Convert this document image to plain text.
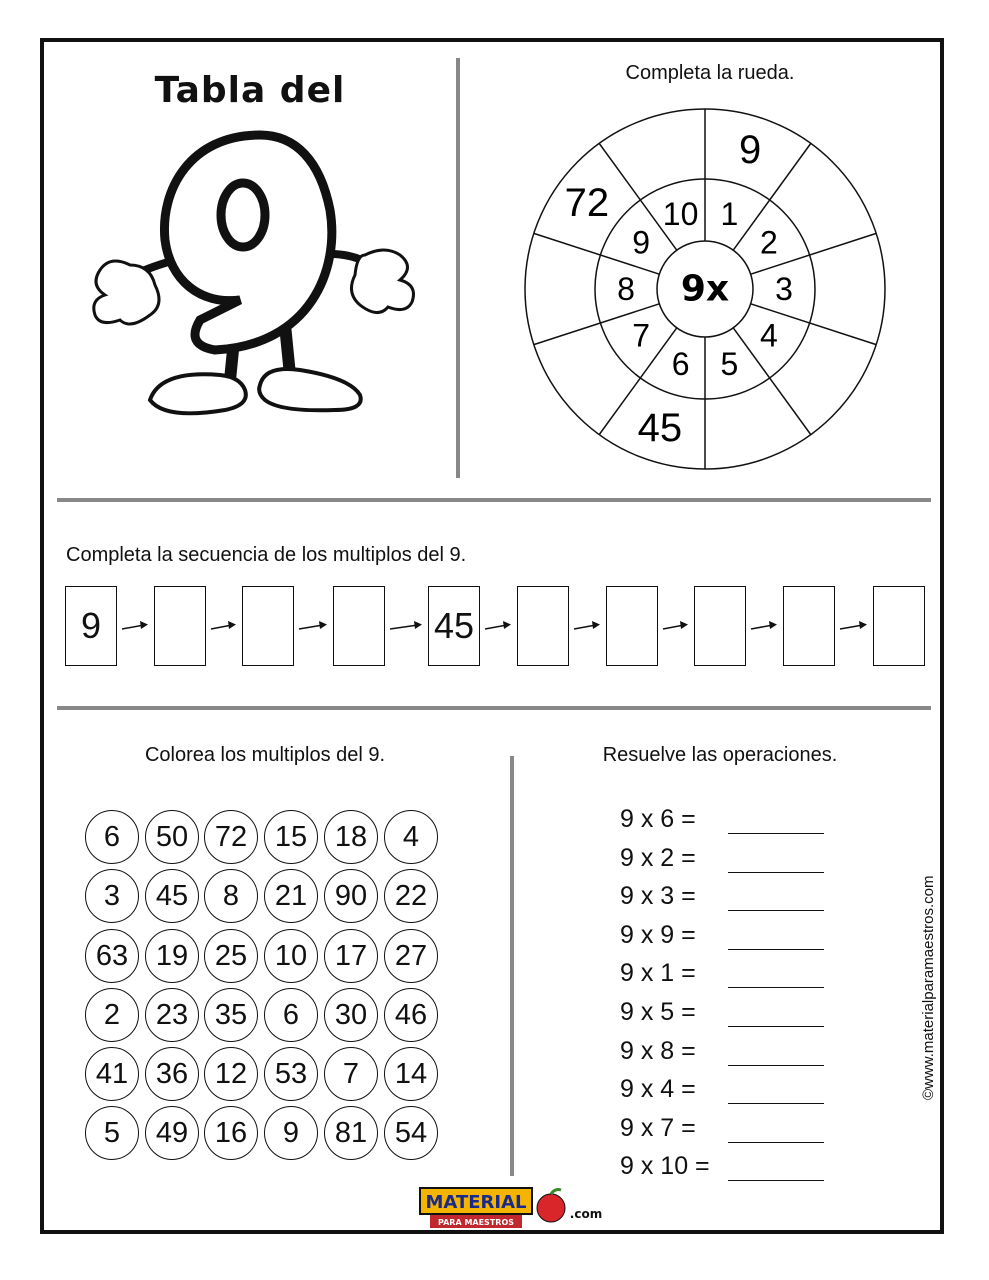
Tabla del	Completa la rueda.
9x
1
2
3
4
5
6
7
8
9
10
9
45
72
Completa la secuencia de los multiplos del 9.
9	45
Colorea los multiplos del 9.
6	50 72 15 18	4
3	45	8	21 90 22
63 19 25 10 17 27
2	23 35	6	30 46
41 36 12 53	7	14
5	49 16	9	81 54
Resuelve las operaciones.
9 x 6 =
9 x 2 =
9 x 3 =
9 x 9 =
9 x 1 =
9 x 5 =
9 x 8 =
9 x 4 =
9 x 7 =
9 x 10 =
©www.materialparamaestros.com
MATERIAL
PARA MAESTROS
.com
